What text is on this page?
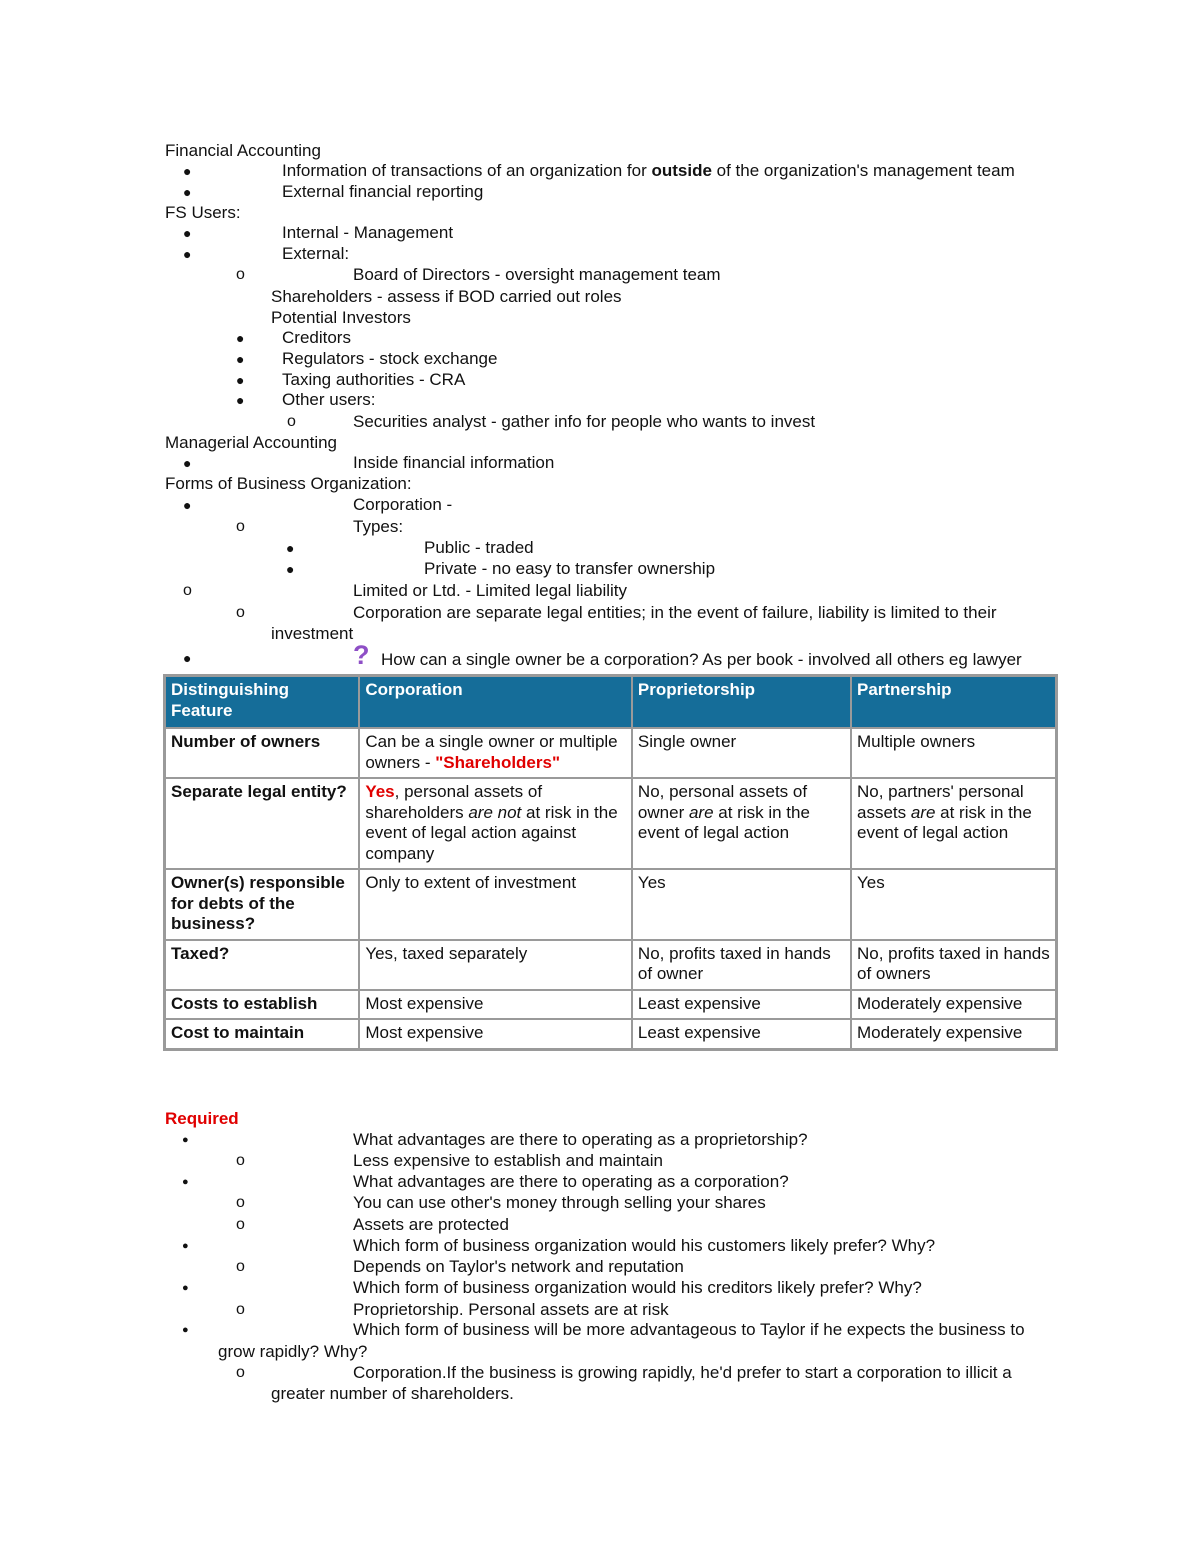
Financial Accounting
●	Information of transactions of an organization for outside of the organization's management team
●	External financial reporting
FS Users:
●	Internal - Management
●	External:
o	Board of Directors - oversight management team
Shareholders - assess if BOD carried out roles
Potential Investors
● Creditors
● Regulators - stock exchange
● Taxing authorities - CRA
● Other users:
o	Securities analyst - gather info for people who wants to invest
Managerial Accounting
●	Inside financial information
Forms of Business Organization:
●	Corporation -
o	Types:
●	Public - traded
●	Private - no easy to transfer ownership
o	Limited or Ltd. - Limited legal liability
o	Corporation are separate legal entities; in the event of failure, liability is limited to their
investment
●	? How can a single owner be a corporation? As per book - involved all others eg lawyer
Distinguishing Feature	Corporation	Proprietorship	Partnership
Number of owners	Can be a single owner or multiple owners - "Shareholders"	Single owner	Multiple owners
Separate legal entity?	Yes, personal assets of shareholders are not at risk in the event of legal action against company	No, personal assets of owner are at risk in the event of legal action	No, partners' personal assets are at risk in the event of legal action
Owner(s) responsible for debts of the business?	Only to extent of investment	Yes	Yes
Taxed?	Yes, taxed separately	No, profits taxed in hands of owner	No, profits taxed in hands of owners
Costs to establish	Most expensive	Least expensive	Moderately expensive
Cost to maintain	Most expensive	Least expensive	Moderately expensive
Required
●	What advantages are there to operating as a proprietorship?
o	Less expensive to establish and maintain
●	What advantages are there to operating as a corporation?
o	You can use other's money through selling your shares
o	Assets are protected
●	Which form of business organization would his customers likely prefer? Why?
o	Depends on Taylor's network and reputation
●	Which form of business organization would his creditors likely prefer? Why?
o	Proprietorship. Personal assets are at risk
●	Which form of business will be more advantageous to Taylor if he expects the business to
grow rapidly? Why?
o	Corporation.If the business is growing rapidly, he'd prefer to start a corporation to illicit a
greater number of shareholders.
